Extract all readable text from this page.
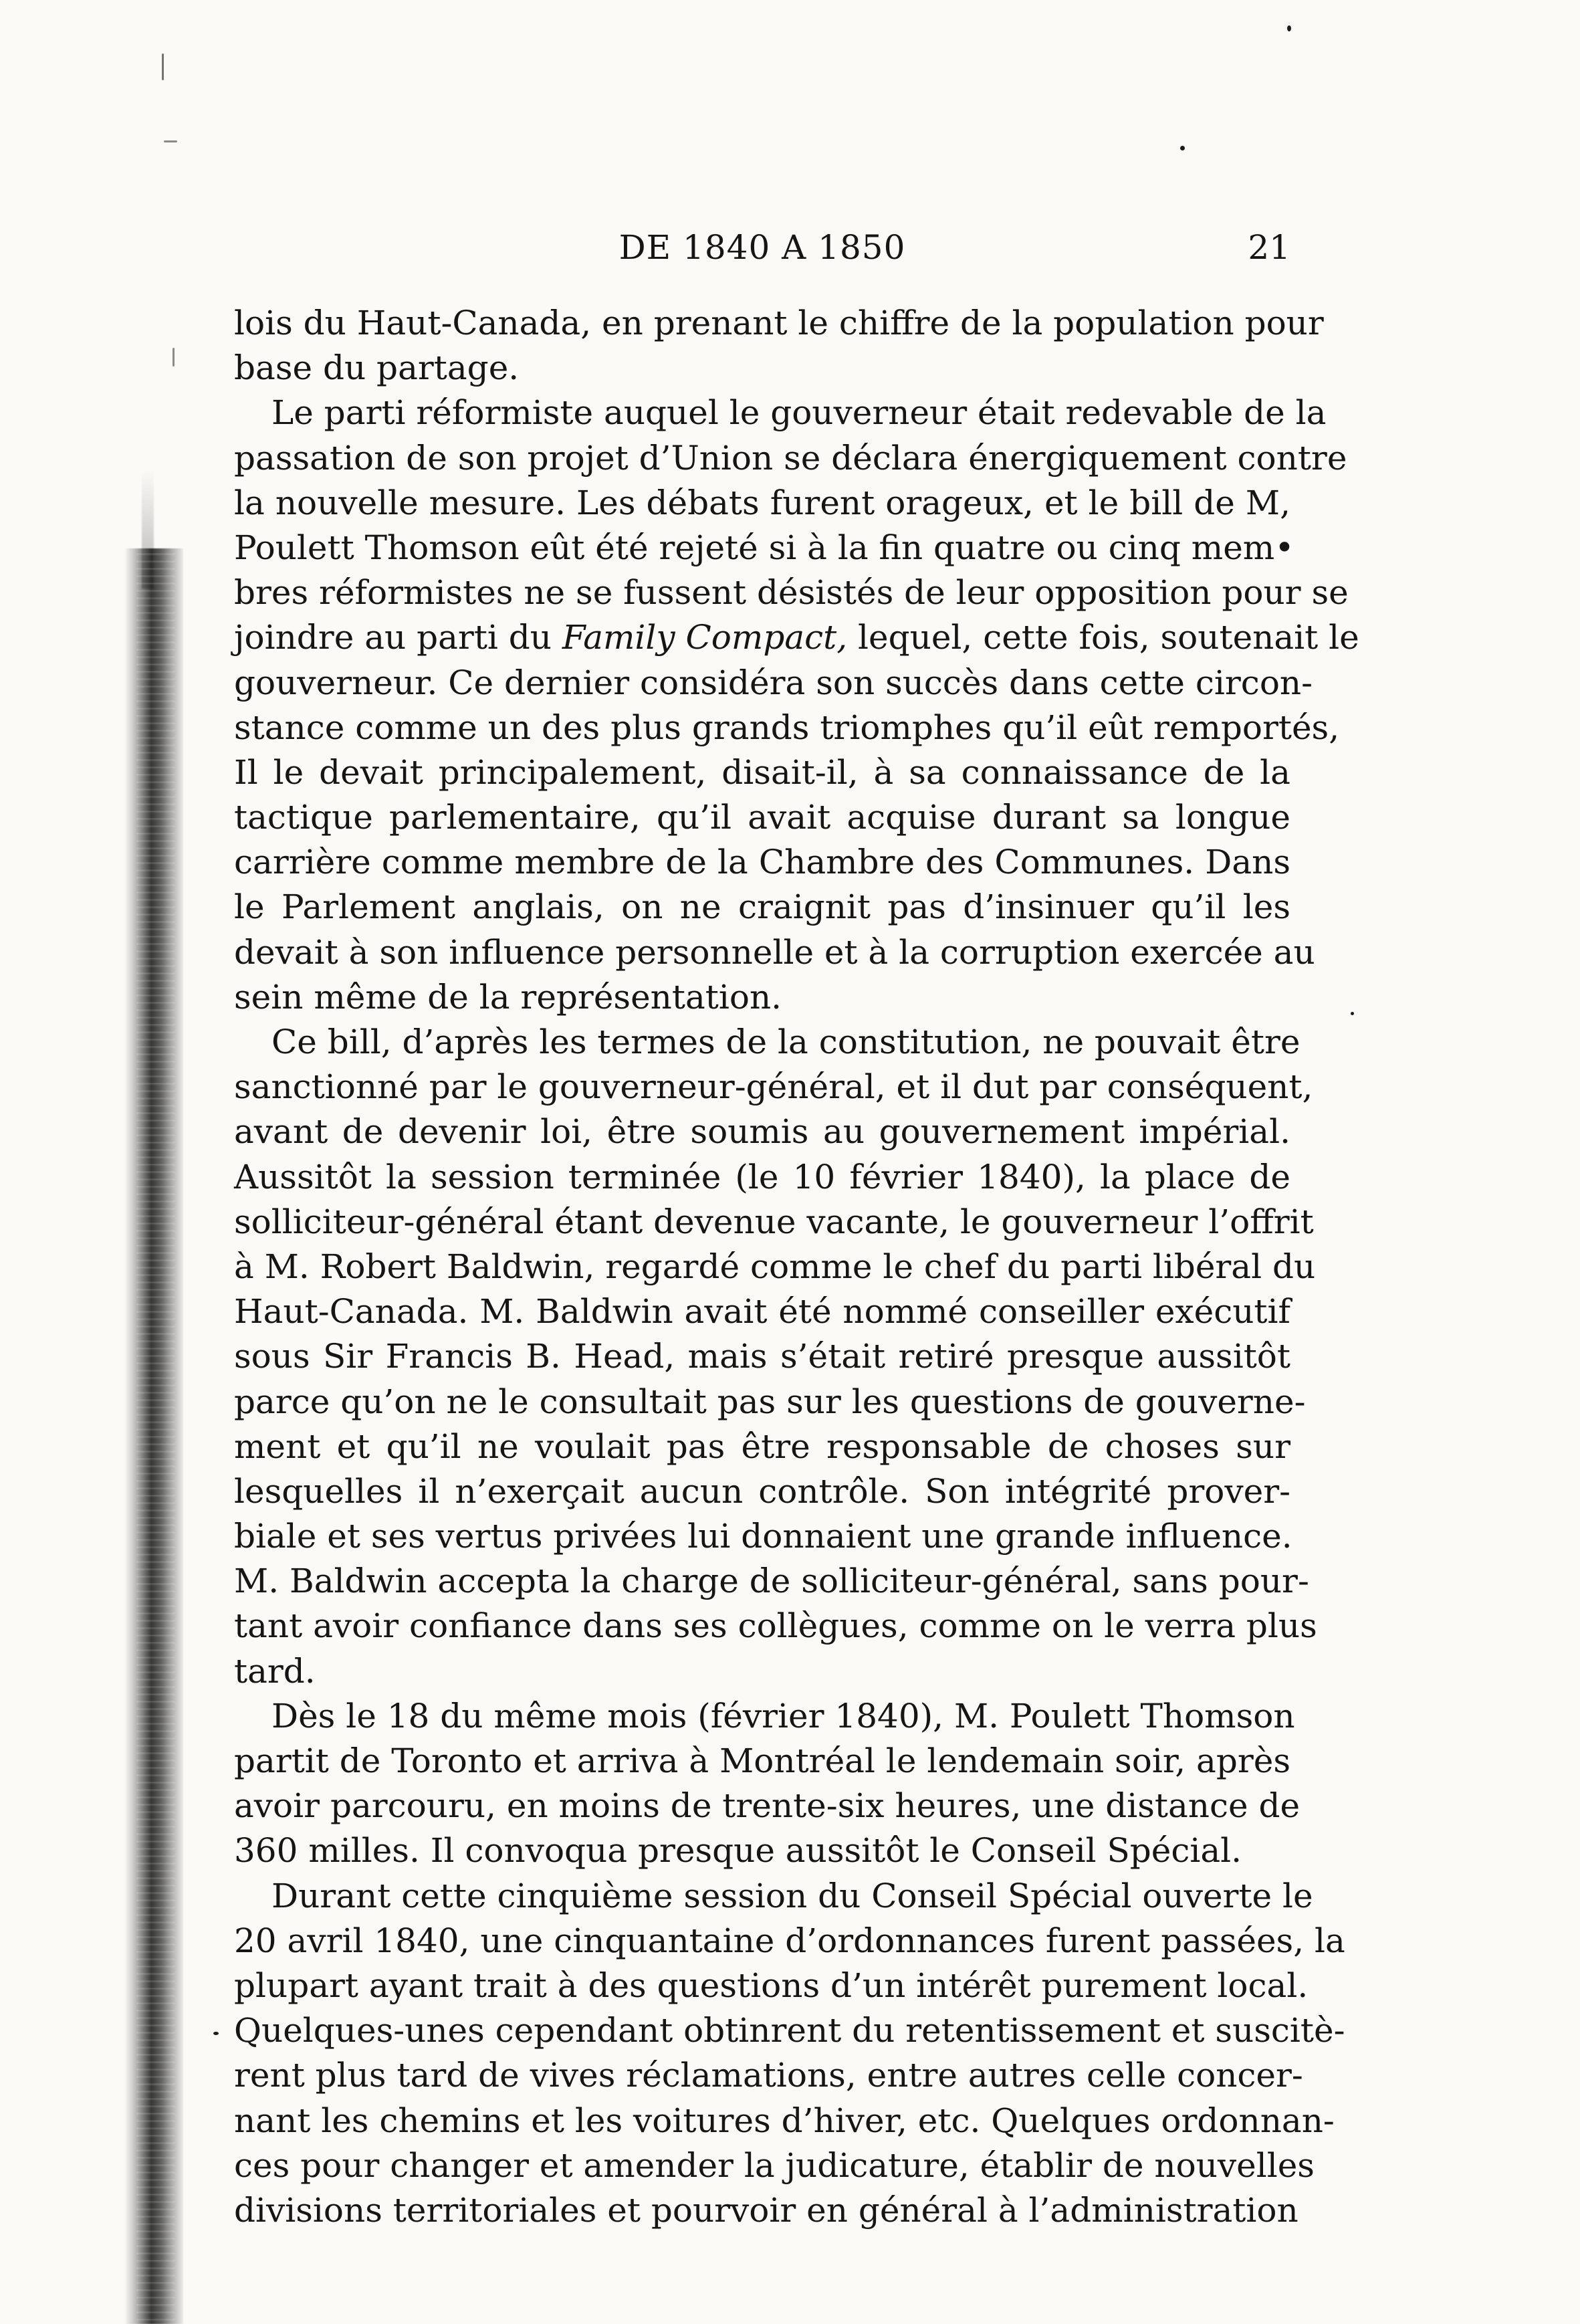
DE 1840 A 1850	21
lois du Haut-Canada, en prenant le chiffre de la population pour
base du partage.
Le parti réformiste auquel le gouverneur était redevable de la
passation de son projet d’Union se déclara énergiquement contre
la nouvelle mesure. Les débats furent orageux, et le bill de M,
Poulett Thomson eût été rejeté si à la fin quatre ou cinq mem•
bres réformistes ne se fussent désistés de leur opposition pour se
joindre au parti du Family Compact, lequel, cette fois, soutenait le
gouverneur. Ce dernier considéra son succès dans cette circon-
stance comme un des plus grands triomphes qu’il eût remportés,
Il le devait principalement, disait-il, à sa connaissance de la
tactique parlementaire, qu’il avait acquise durant sa longue
carrière comme membre de la Chambre des Communes. Dans
le Parlement anglais, on ne craignit pas d’insinuer qu’il les
devait à son influence personnelle et à la corruption exercée au
sein même de la représentation.
Ce bill, d’après les termes de la constitution, ne pouvait être
sanctionné par le gouverneur-général, et il dut par conséquent,
avant de devenir loi, être soumis au gouvernement impérial.
Aussitôt la session terminée (le 10 février 1840), la place de
solliciteur-général étant devenue vacante, le gouverneur l’offrit
à M. Robert Baldwin, regardé comme le chef du parti libéral du
Haut-Canada. M. Baldwin avait été nommé conseiller exécutif
sous Sir Francis B. Head, mais s’était retiré presque aussitôt
parce qu’on ne le consultait pas sur les questions de gouverne-
ment et qu’il ne voulait pas être responsable de choses sur
lesquelles il n’exerçait aucun contrôle. Son intégrité prover-
biale et ses vertus privées lui donnaient une grande influence.
M. Baldwin accepta la charge de solliciteur-général, sans pour-
tant avoir confiance dans ses collègues, comme on le verra plus
tard.
Dès le 18 du même mois (février 1840), M. Poulett Thomson
partit de Toronto et arriva à Montréal le lendemain soir, après
avoir parcouru, en moins de trente-six heures, une distance de
360 milles. Il convoqua presque aussitôt le Conseil Spécial.
Durant cette cinquième session du Conseil Spécial ouverte le
20 avril 1840, une cinquantaine d’ordonnances furent passées, la
plupart ayant trait à des questions d’un intérêt purement local.
Quelques-unes cependant obtinrent du retentissement et suscitè-
rent plus tard de vives réclamations, entre autres celle concer-
nant les chemins et les voitures d’hiver, etc. Quelques ordonnan-
ces pour changer et amender la judicature, établir de nouvelles
divisions territoriales et pourvoir en général à l’administration
